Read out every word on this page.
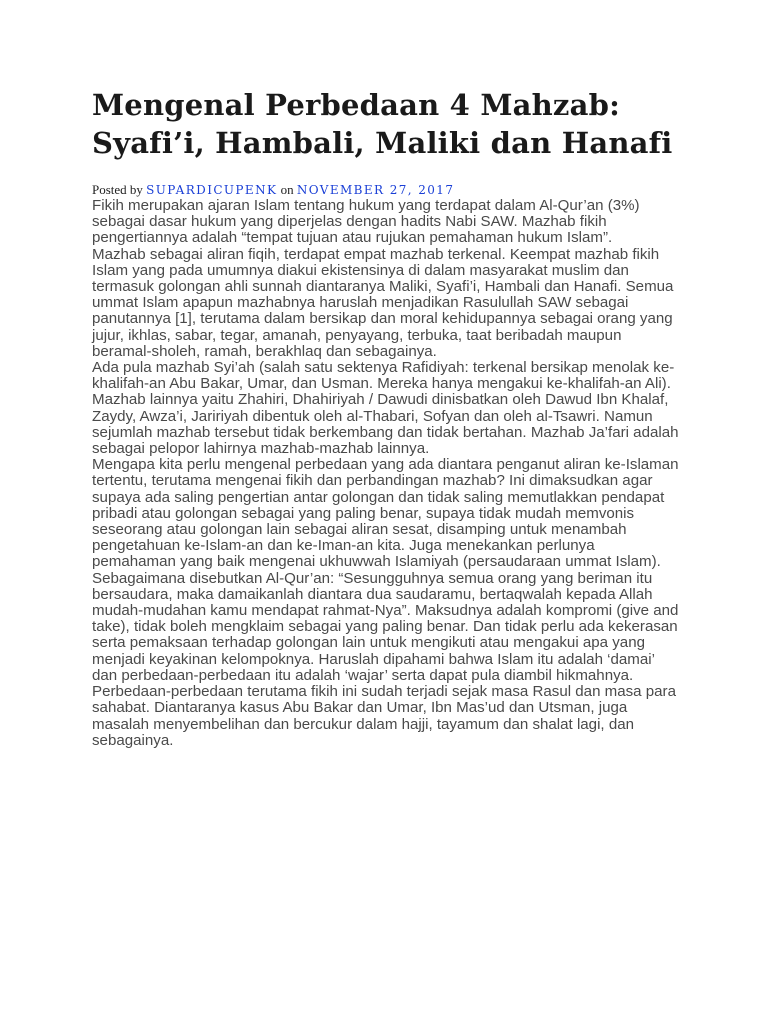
Mengenal Perbedaan 4 Mahzab: Syafi’i, Hambali, Maliki dan Hanafi
Posted by SUPARDICUPENK on NOVEMBER 27, 2017

Fikih merupakan ajaran Islam tentang hukum yang terdapat dalam Al-Qur’an (3%) sebagai dasar hukum yang diperjelas dengan hadits Nabi SAW. Mazhab fikih pengertiannya adalah “tempat tujuan atau rujukan pemahaman hukum Islam”.

Mazhab sebagai aliran fiqih, terdapat empat mazhab terkenal. Keempat mazhab fikih Islam yang pada umumnya diakui ekistensinya di dalam masyarakat muslim dan termasuk golongan ahli sunnah diantaranya Maliki, Syafi’i, Hambali dan Hanafi. Semua ummat Islam apapun mazhabnya haruslah menjadikan Rasulullah SAW sebagai panutannya [1], terutama dalam bersikap dan moral kehidupannya sebagai orang yang jujur, ikhlas, sabar, tegar, amanah, penyayang, terbuka, taat beribadah maupun beramal-sholeh, ramah, berakhlaq dan sebagainya.

Ada pula mazhab Syi’ah (salah satu sektenya Rafidiyah: terkenal bersikap menolak ke-khalifah-an Abu Bakar, Umar, dan Usman. Mereka hanya mengakui ke-khalifah-an Ali). Mazhab lainnya yaitu Zhahiri, Dhahiriyah / Dawudi dinisbatkan oleh Dawud Ibn Khalaf, Zaydy, Awza’i, Jaririyah dibentuk oleh al-Thabari, Sofyan dan oleh al-Tsawri. Namun sejumlah mazhab tersebut tidak berkembang dan tidak bertahan. Mazhab Ja’fari adalah sebagai pelopor lahirnya mazhab-mazhab lainnya.

Mengapa kita perlu mengenal perbedaan yang ada diantara penganut aliran ke-Islaman tertentu, terutama mengenai fikih dan perbandingan mazhab? Ini dimaksudkan agar supaya ada saling pengertian antar golongan dan tidak saling memutlakkan pendapat pribadi atau golongan sebagai yang paling benar, supaya tidak mudah memvonis seseorang atau golongan lain sebagai aliran sesat, disamping untuk menambah pengetahuan ke-Islam-an dan ke-Iman-an kita. Juga menekankan perlunya pemahaman yang baik mengenai ukhuwwah Islamiyah (persaudaraan ummat Islam). Sebagaimana disebutkan Al-Qur’an: “Sesungguhnya semua orang yang beriman itu bersaudara, maka damaikanlah diantara dua saudaramu, bertaqwalah kepada Allah mudah-mudahan kamu mendapat rahmat-Nya”. Maksudnya adalah kompromi (give and take), tidak boleh mengklaim sebagai yang paling benar. Dan tidak perlu ada kekerasan serta pemaksaan terhadap golongan lain untuk mengikuti atau mengakui apa yang menjadi keyakinan kelompoknya. Haruslah dipahami bahwa Islam itu adalah ‘damai’ dan perbedaan-perbedaan itu adalah ‘wajar’ serta dapat pula diambil hikmahnya. Perbedaan-perbedaan terutama fikih ini sudah terjadi sejak masa Rasul dan masa para sahabat. Diantaranya kasus Abu Bakar dan Umar, Ibn Mas’ud dan Utsman, juga masalah menyembelihan dan bercukur dalam hajji, tayamum dan shalat lagi, dan sebagainya.
